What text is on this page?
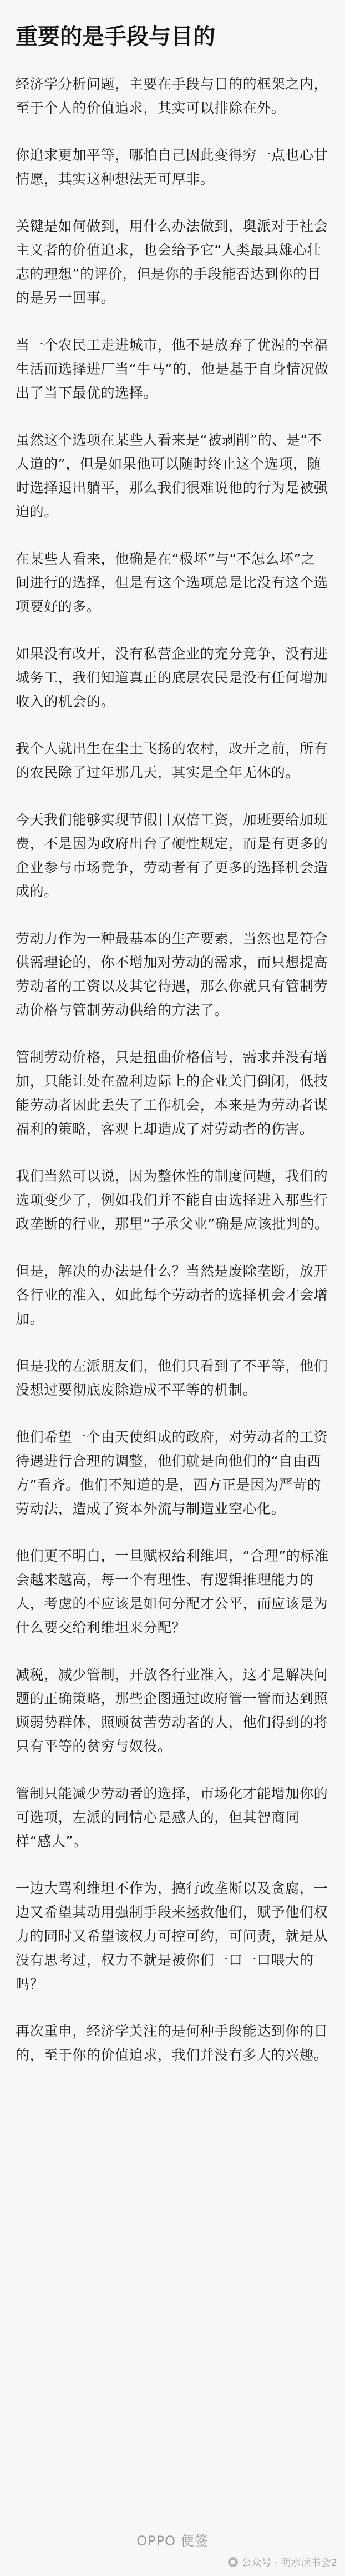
重要的是手段与目的

经济学分析问题，主要在手段与目的的框架之内，至于个人的价值追求，其实可以排除在外。

你追求更加平等，哪怕自己因此变得穷一点也心甘情愿，其实这种想法无可厚非。

关键是如何做到，用什么办法做到，奥派对于社会主义者的价值追求，也会给予它“人类最具雄心壮志的理想”的评价，但是你的手段能否达到你的目的是另一回事。

当一个农民工走进城市，他不是放弃了优渥的幸福生活而选择进厂当“牛马”的，他是基于自身情况做出了当下最优的选择。

虽然这个选项在某些人看来是“被剥削”的、是“不人道的”，但是如果他可以随时终止这个选项，随时选择退出躺平，那么我们很难说他的行为是被强迫的。

在某些人看来，他确是在“极坏”与“不怎么坏”之间进行的选择，但是有这个选项总是比没有这个选项要好的多。

如果没有改开，没有私营企业的充分竞争，没有进城务工，我们知道真正的底层农民是没有任何增加收入的机会的。

我个人就出生在尘土飞扬的农村，改开之前，所有的农民除了过年那几天，其实是全年无休的。

今天我们能够实现节假日双倍工资，加班要给加班费，不是因为政府出台了硬性规定，而是有更多的企业参与市场竞争，劳动者有了更多的选择机会造成的。

劳动力作为一种最基本的生产要素，当然也是符合供需理论的，你不增加对劳动的需求，而只想提高劳动者的工资以及其它待遇，那么你就只有管制劳动价格与管制劳动供给的方法了。

管制劳动价格，只是扭曲价格信号，需求并没有增加，只能让处在盈利边际上的企业关门倒闭，低技能劳动者因此丢失了工作机会，本来是为劳动者谋福利的策略，客观上却造成了对劳动者的伤害。

我们当然可以说，因为整体性的制度问题，我们的选项变少了，例如我们并不能自由选择进入那些行政垄断的行业，那里“子承父业”确是应该批判的。

但是，解决的办法是什么？当然是废除垄断，放开各行业的准入，如此每个劳动者的选择机会才会增加。

但是我的左派朋友们，他们只看到了不平等，他们没想过要彻底废除造成不平等的机制。

他们希望一个由天使组成的政府，对劳动者的工资待遇进行合理的调整，他们就是向他们的“自由西方”看齐。他们不知道的是，西方正是因为严苛的劳动法，造成了资本外流与制造业空心化。

他们更不明白，一旦赋权给利维坦，“合理”的标准会越来越高，每一个有理性、有逻辑推理能力的人，考虑的不应该是如何分配才公平，而应该是为什么要交给利维坦来分配？

减税，减少管制，开放各行业准入，这才是解决问题的正确策略，那些企图通过政府管一管而达到照顾弱势群体，照顾贫苦劳动者的人，他们得到的将只有平等的贫穷与奴役。

管制只能减少劳动者的选择，市场化才能增加你的可选项，左派的同情心是感人的，但其智商同样“感人”。

一边大骂利维坦不作为，搞行政垄断以及贪腐，一边又希望其动用强制手段来拯救他们，赋予他们权力的同时又希望该权力可控可约，可问责，就是从没有思考过，权力不就是被你们一口一口喂大的吗？

再次重申，经济学关注的是何种手段能达到你的目的，至于你的价值追求，我们并没有多大的兴趣。

OPPO 便签
公众号 · 明水读书会2
